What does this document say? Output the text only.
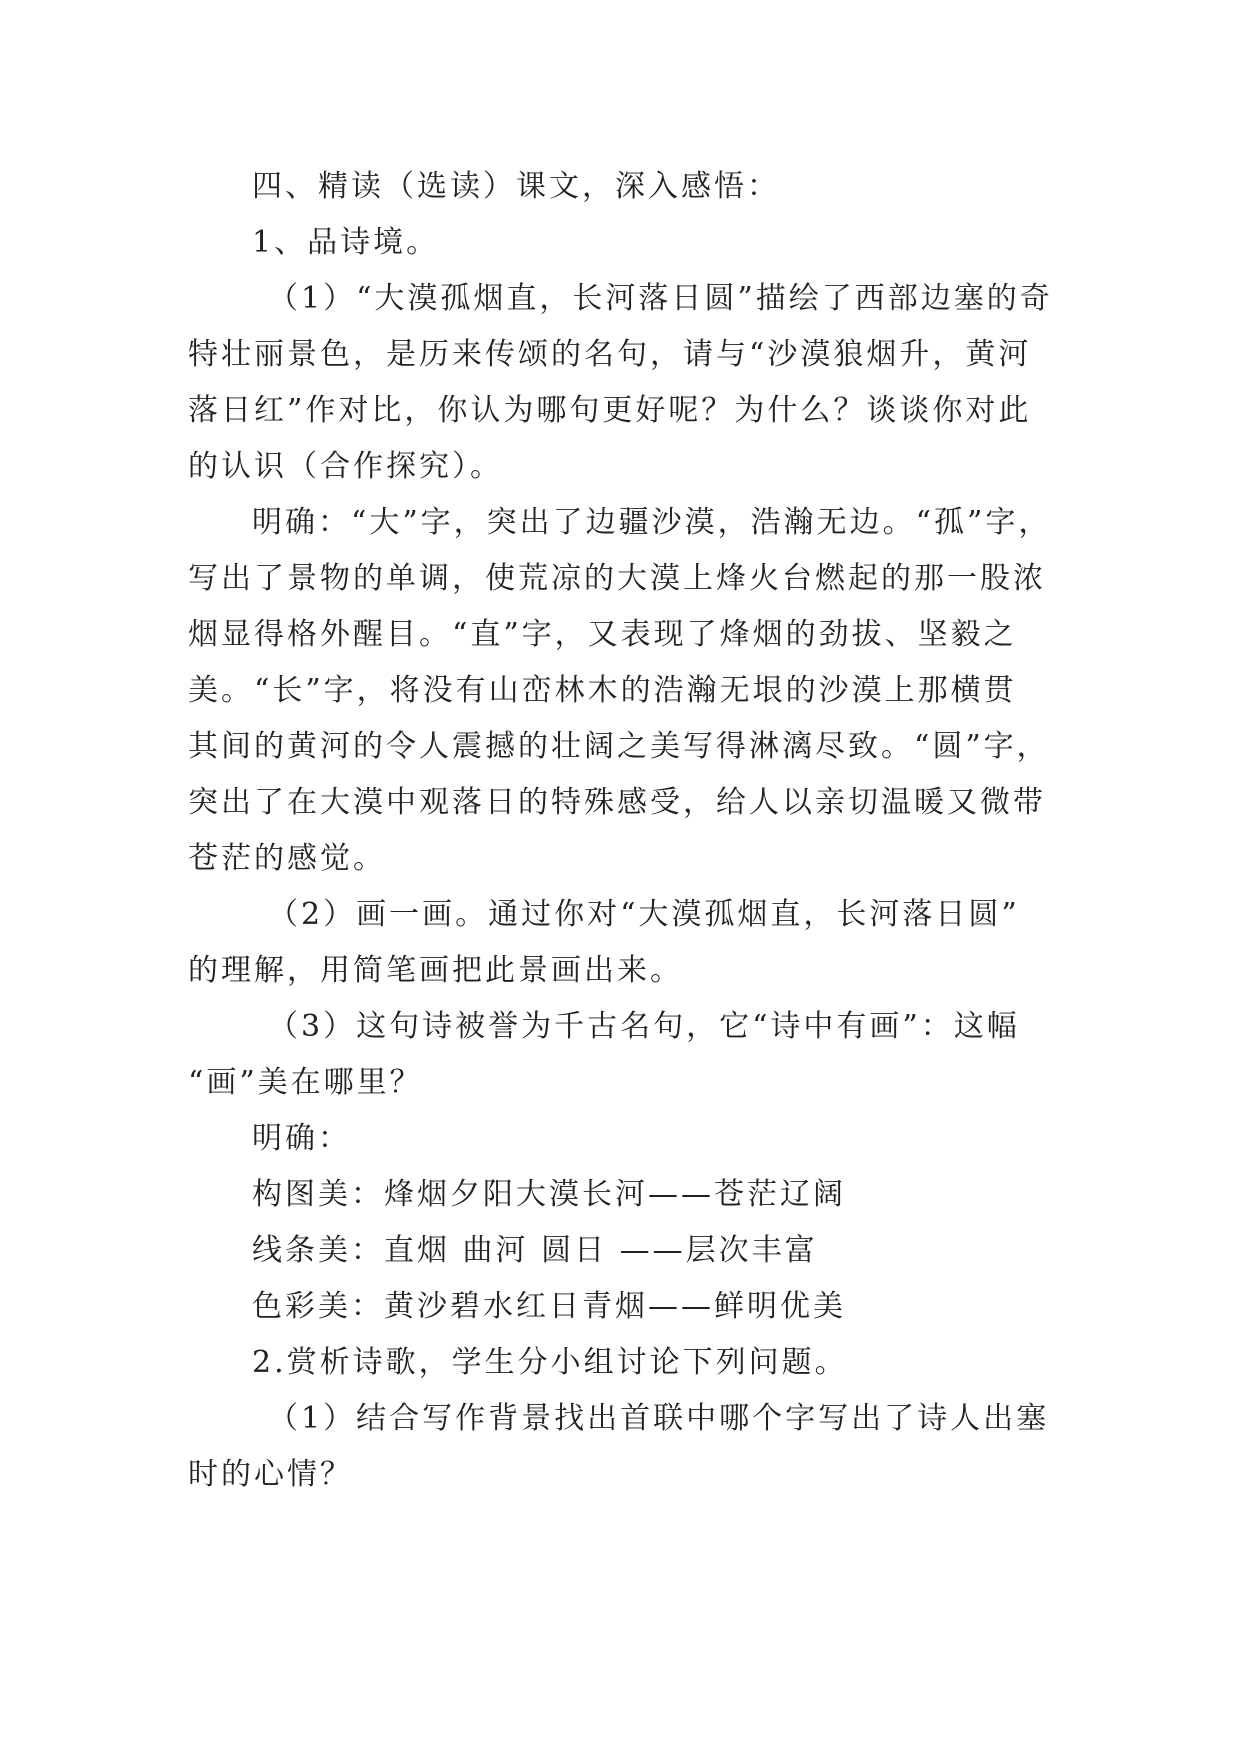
四、精读（选读）课文，深入感悟：
1、品诗境。
（1）“大漠孤烟直，长河落日圆”描绘了西部边塞的奇
特壮丽景色，是历来传颂的名句，请与“沙漠狼烟升，黄河
落日红”作对比，你认为哪句更好呢？为什么？谈谈你对此
的认识（合作探究）。
明确：“大”字，突出了边疆沙漠，浩瀚无边。“孤”字，
写出了景物的单调，使荒凉的大漠上烽火台燃起的那一股浓
烟显得格外醒目。“直”字，又表现了烽烟的劲拔、坚毅之
美。“长”字，将没有山峦林木的浩瀚无垠的沙漠上那横贯
其间的黄河的令人震撼的壮阔之美写得淋漓尽致。“圆”字，
突出了在大漠中观落日的特殊感受，给人以亲切温暖又微带
苍茫的感觉。
（2）画一画。通过你对“大漠孤烟直，长河落日圆”
的理解，用简笔画把此景画出来。
（3）这句诗被誉为千古名句，它“诗中有画”：这幅
“画”美在哪里？
明确：
构图美：烽烟夕阳大漠长河——苍茫辽阔
线条美：直烟 曲河 圆日 ——层次丰富
色彩美：黄沙碧水红日青烟——鲜明优美
2.赏析诗歌，学生分小组讨论下列问题。
（1）结合写作背景找出首联中哪个字写出了诗人出塞
时的心情？
